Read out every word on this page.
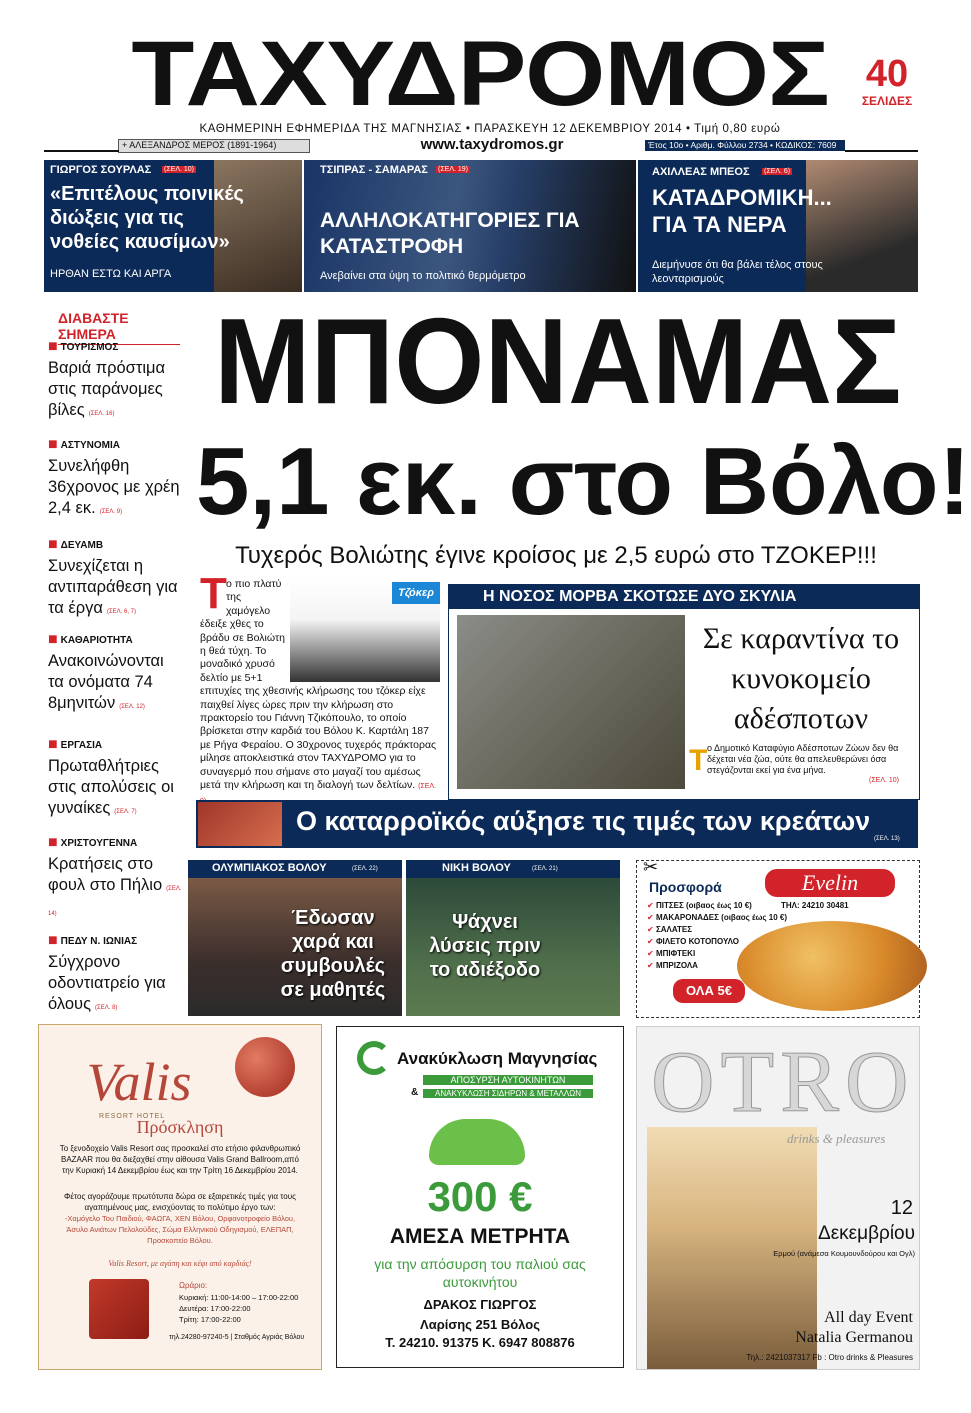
ΤΑΧΥΔΡΟΜΟΣ 40
ΣΕΛΙΔΕΣ
ΚΑΘΗΜΕΡΙΝΗ ΕΦΗΜΕΡΙΔΑ ΤΗΣ ΜΑΓΝΗΣΙΑΣ • ΠΑΡΑΣΚΕΥΗ 12 ΔΕΚΕΜΒΡΙΟΥ 2014 • Τιμή 0,80 ευρώ
+ ΑΛΕΞΑΝΔΡΟΣ ΜΕΡΟΣ (1891-1964)	www.taxydromos.gr	Έτος 10ο • Αριθμ. Φύλλου 2734 • ΚΩΔΙΚΟΣ: 7609
ΓΙΩΡΓΟΣ ΣΟΥΡΛΑΣ (ΣΕΛ. 10)
«Επιτέλους ποινικές διώξεις για τις νοθείες καυσίμων»
ΗΡΘΑΝ ΕΣΤΩ ΚΑΙ ΑΡΓΑ
ΤΣΙΠΡΑΣ - ΣΑΜΑΡΑΣ (ΣΕΛ. 19)
ΑΛΛΗΛΟΚΑΤΗΓΟΡΙΕΣ ΓΙΑ ΚΑΤΑΣΤΡΟΦΗ
Ανεβαίνει στα ύψη το πολιτικό θερμόμετρο
ΑΧΙΛΛΕΑΣ ΜΠΕΟΣ (ΣΕΛ. 6)
ΚΑΤΑΔΡΟΜΙΚΗ... ΓΙΑ ΤΑ ΝΕΡΑ
Διεμήνυσε ότι θα βάλει τέλος στους λεονταρισμούς
ΔΙΑΒΑΣΤΕ ΣΗΜΕΡΑ
■ ΤΟΥΡΙΣΜΟΣ
Βαριά πρόστιμα στις παράνομες βίλες (ΣΕΛ. 16)
■ ΑΣΤΥΝΟΜΙΑ
Συνελήφθη 36χρονος με χρέη 2,4 εκ. (ΣΕΛ. 9)
■ ΔΕΥΑΜΒ
Συνεχίζεται η αντιπαράθεση για τα έργα (ΣΕΛ. 6, 7)
■ ΚΑΘΑΡΙΟΤΗΤΑ
Ανακοινώνονται τα ονόματα 74 8μηνιτών (ΣΕΛ. 12)
■ ΕΡΓΑΣΙΑ
Πρωταθλήτριες στις απολύσεις οι γυναίκες (ΣΕΛ. 7)
■ ΧΡΙΣΤΟΥΓΕΝΝΑ
Κρατήσεις στο φουλ στο Πήλιο (ΣΕΛ. 14)
■ ΠΕΔΥ Ν. ΙΩΝΙΑΣ
Σύγχρονο οδοντιατρείο για όλους (ΣΕΛ. 8)
ΜΠΟΝΑΜΑΣ
5,1 εκ. στο Βόλο!
Τυχερός Βολιώτης έγινε κροίσος με 2,5 ευρώ στο ΤΖΟΚΕΡ!!!
Τ	Τζόκερ
ο πιο πλατύ της χαμόγελο έδειξε χθες το βράδυ σε Βολιώτη η θεά τύχη. Το μοναδικό χρυσό δελτίο με 5+1 επιτυχίες της χθεσινής κλήρωσης του τζόκερ είχε παιχθεί λίγες ώρες πριν την κλήρωση στο πρακτορείο του Γιάννη Τζικόπουλο, το οποίο βρίσκεται στην καρδιά του Βόλου Κ. Καρτάλη 187 με Ρήγα Φεραίου. Ο 30χρονος τυχερός πράκτορας μίλησε αποκλειστικά στον ΤΑΧΥΔΡΟΜΟ για το συναγερμό που σήμανε στο μαγαζί του αμέσως μετά την κλήρωση και τη διαλογή των δελτίων. (ΣΕΛ.
Η ΝΟΣΟΣ ΜΟΡΒΑ ΣΚΟΤΩΣΕ ΔΥΟ ΣΚΥΛΙΑ
Σε καραντίνα το κυνοκομείο αδέσποτων
Τ ο Δημοτικό Καταφύγιο Αδέσποτων Ζώων δεν θα δέχεται νέα ζώα, ούτε θα απελευθερώνει όσα στεγάζονται εκεί για ένα μήνα.
(ΣΕΛ. 10)
Ο καταρροϊκός αύξησε τις τιμές των κρεάτων
(ΣΕΛ. 13)
ΟΛΥΜΠΙΑΚΟΣ ΒΟΛΟΥ	(ΣΕΛ. 22)
Έδωσαν χαρά και συμβουλές σε μαθητές
ΝΙΚΗ ΒΟΛΟΥ	(ΣΕΛ. 21)
Ψάχνει λύσεις πριν το αδιέξοδο
✂
Προσφορά	Evelin
ΤΗΛ: 24210 30481
ΟΛΑ 5€
✔ ΠΙΤΣΕΣ (οιβαος έως 10 €)
✔ ΜΑΚΑΡΟΝΑΔΕΣ (οιβαος έως 10 €)
✔ ΣΑΛΑΤΕΣ
✔ ΦΙΛΕΤΟ ΚΟΤΟΠΟΥΛΟ
✔ ΜΠΙΦΤΕΚΙ
✔ ΜΠΡΙΖΟΛΑ
Valis
RESORT HOTEL
Πρόσκληση
Το ξενοδοχείο Valis Resort σας προσκαλεί στο ετήσιο φιλανθρωπικό BAZAAR που θα διεξαχθεί στην αίθουσα Valis Grand Ballroom,από την Κυριακή 14 Δεκεμβρίου έως και την Τρίτη 16 Δεκεμβρίου 2014.
Φέτος αγοράζουμε πρωτότυπα δώρα σε εξαιρετικές τιμές για τους αγαπημένους μας, ενισχύοντας το πολύτιμο έργο των:
-Χαμόγελο Του Παιδιού, ΦΑΩΓΑ, ΧΕΝ Βόλου, Ορφανοτροφείο Βόλου, Άσυλο Ανιάτων Πελολούδες, Σώμα Ελληνικού Οδηγισμού, ΕΛΕΠΑΠ, Προσκοπείο Βόλου.
Valis Resort, με αγάπη και κέφι από καρδιάς!
Ωράριο:
τηλ.24280-97240-5 | Σταθμός Αγριάς Βόλου
Κυριακή: 11:00-14:00 – 17:00-22:00
Δευτέρα: 17:00-22:00
Τρίτη: 17:00-22:00
Ανακύκλωση Μαγνησίας
ΑΠΟΣΥΡΣΗ ΑΥΤΟΚΙΝΗΤΩΝ
&	ΑΝΑΚΥΚΛΩΣΗ ΣΙΔΗΡΩΝ & ΜΕΤΑΛΛΩΝ
300 €
ΑΜΕΣΑ ΜΕΤΡΗΤΑ
για την απόσυρση του παλιού σας αυτοκινήτου
ΔΡΑΚΟΣ ΓΙΩΡΓΟΣ
Λαρίσης 251 Βόλος
Τ. 24210. 91375 Κ. 6947 808876
OTRO
drinks & pleasures
12
Δεκεμβρίου
Ερμού (ανάμεσα Κουμουνδούρου και Ογλ)
All day Event
Natalia Germanou
Τηλ.: 2421037317 Fb : Otro drinks & Pleasures
